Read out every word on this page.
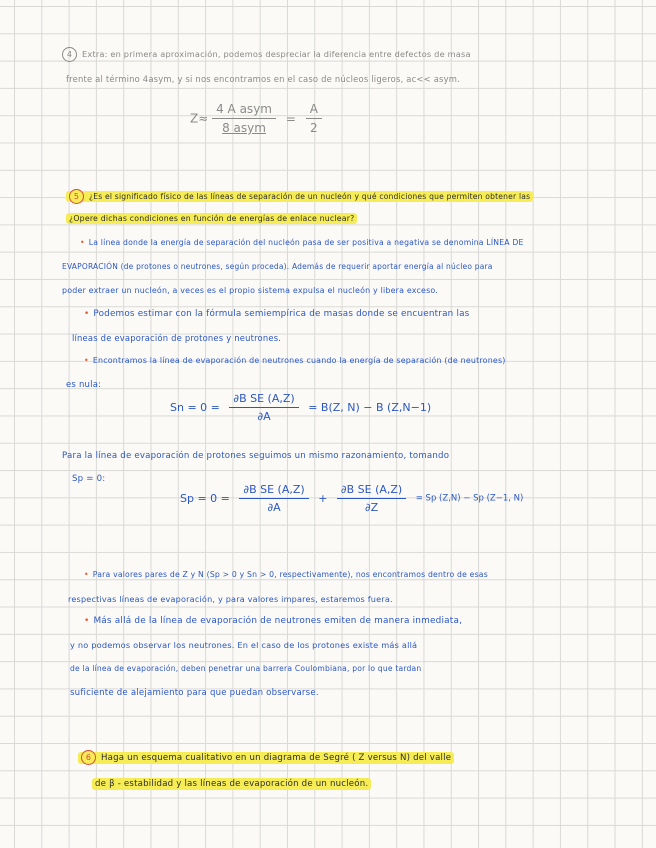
4 Extra: en primera aproximación, podemos despreciar la diferencia entre defectos de masa
frente al término 4asym, y si nos encontramos en el caso de núcleos ligeros, ac<< asym.
$Z\approx \frac{\text{4 A asym}}{\text{8 asym}} = \frac{A}{2}$
5 ¿Es el significado físico de las líneas de separación de un nucleón y qué condiciones que permiten obtener las
¿Opere dichas condiciones en función de energías de enlace nuclear?
• La línea donde la energía de separación del nucleón pasa de ser positiva a negativa se denomina LÍNEA DE
EVAPORACIÓN (de protones o neutrones, según proceda). Además de requerir aportar energía al núcleo para
poder extraer un nucleón, a veces es el propio sistema expulsa el nucleón y libera exceso.
• Podemos estimar con la fórmula semiempírica de masas donde se encuentran las
líneas de evaporación de protones y neutrones.
• Encontramos la línea de evaporación de neutrones cuando la energía de separación (de neutrones)
es nula:
$Sn = 0 = \frac{\text{∂B SE (A,Z)}}{\partial A} = B(Z$, N) − B (Z,N−1)
Para la línea de evaporación de protones seguimos un mismo razonamiento, tomando
Sp = 0:
$Sp = 0 = \frac{\text{∂B SE (A,Z)}}{\partial A} + \frac{\text{∂B SE (A,Z)}}{\partial Z} = Sp$ (Z,N) − Sp (Z−1, N)
• Para valores pares de Z y N (Sp > 0 y Sn > 0, respectivamente), nos encontramos dentro de esas
respectivas líneas de evaporación, y para valores impares, estaremos fuera.
• Más allá de la línea de evaporación de neutrones emiten de manera inmediata,
y no podemos observar los neutrones. En el caso de los protones existe más allá
de la línea de evaporación, deben penetrar una barrera Coulombiana, por lo que tardan
suficiente de alejamiento para que puedan observarse.
6 Haga un esquema cualitativo en un diagrama de Segré ( Z versus N) del valle
de β - estabilidad y las líneas de evaporación de un nucleón.
